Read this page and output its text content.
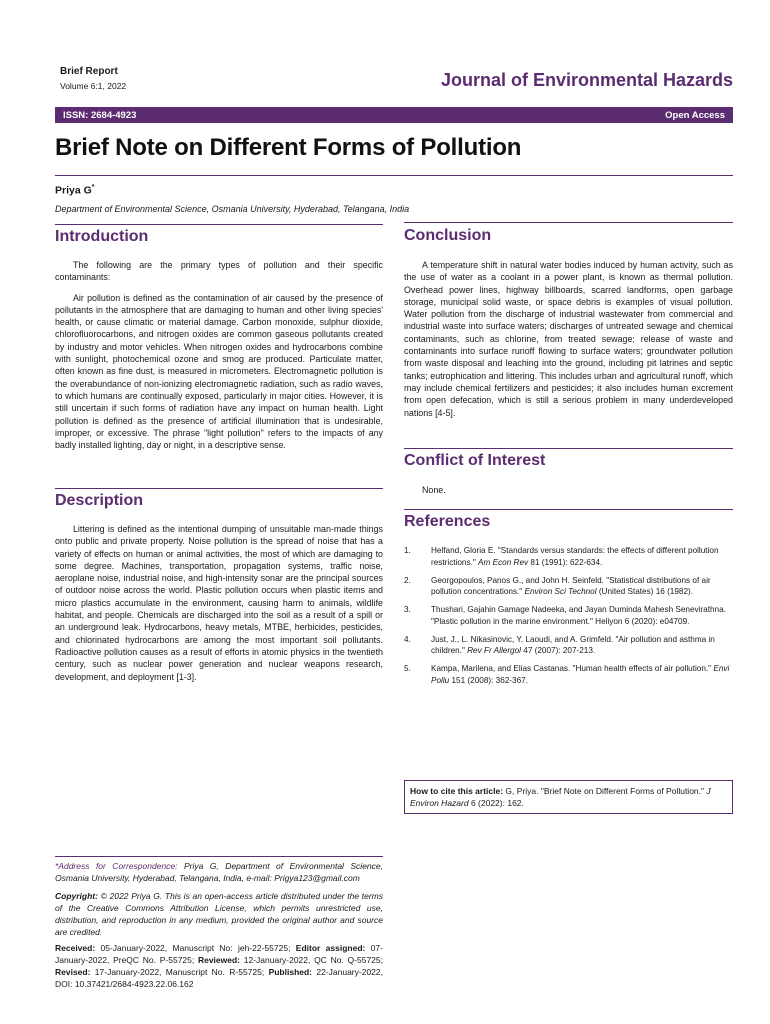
Brief Report
Volume 6:1, 2022	Journal of Environmental Hazards
ISSN: 2684-4923	Open Access
Brief Note on Different Forms of Pollution
Priya G*
Department of Environmental Science, Osmania University, Hyderabad, Telangana, India
Introduction

The following are the primary types of pollution and their specific contaminants:

Air pollution is defined as the contamination of air caused by the presence of pollutants in the atmosphere that are damaging to human and other living species' health, or cause climatic or material damage. Carbon monoxide, sulphur dioxide, chlorofluorocarbons, and nitrogen oxides are common gaseous pollutants created by industry and motor vehicles. When nitrogen oxides and hydrocarbons combine with sunlight, photochemical ozone and smog are produced. Particulate matter, often known as fine dust, is measured in micrometers. Electromagnetic pollution is the overabundance of non-ionizing electromagnetic radiation, such as radio waves, to which humans are continually exposed, particularly in major cities. However, it is still uncertain if such forms of radiation have any impact on human health. Light pollution is defined as the presence of artificial illumination that is undesirable, improper, or excessive. The phrase "light pollution" refers to the impacts of any badly installed lighting, day or night, in a descriptive sense.

Description

Littering is defined as the intentional dumping of unsuitable man-made things onto public and private property. Noise pollution is the spread of noise that has a variety of effects on human or animal activities, the most of which are damaging to some degree. Machines, transportation, propagation systems, traffic noise, aeroplane noise, industrial noise, and high-intensity sonar are the principal sources of outdoor noise across the world. Plastic pollution occurs when plastic items and micro plastics accumulate in the environment, causing harm to animals, wildlife habitat, and people. Chemicals are discharged into the soil as a result of a spill or an underground leak. Hydrocarbons, heavy metals, MTBE, herbicides, pesticides, and chlorinated hydrocarbons are among the most important soil pollutants. Radioactive pollution causes as a result of efforts in atomic physics in the twentieth century, such as nuclear power generation and nuclear weapons research, development, and deployment [1-3].

Conclusion

A temperature shift in natural water bodies induced by human activity, such as the use of water as a coolant in a power plant, is known as thermal pollution. Overhead power lines, highway billboards, scarred landforms, open garbage storage, municipal solid waste, or space debris is examples of visual pollution. Water pollution from the discharge of industrial wastewater from commercial and industrial waste into surface waters; discharges of untreated sewage and chemical contaminants, such as chlorine, from treated sewage; release of waste and contaminants into surface runoff flowing to surface waters; groundwater pollution from waste disposal and leaching into the ground, including pit latrines and septic tanks; eutrophication and littering. This includes urban and agricultural runoff, which may include chemical fertilizers and pesticides; it also includes human excrement from open defecation, which is still a serious problem in many underdeveloped nations [4-5].

Conflict of Interest

None.

References
1.	Helfand, Gloria E. "Standards versus standards: the effects of different pollution restrictions." Am Econ Rev 81 (1991): 622-634.
2.	Georgopoulos, Panos G., and John H. Seinfeld. "Statistical distributions of air pollution concentrations." Environ Sci Technol (United States) 16 (1982).
3.	Thushari, Gajahin Gamage Nadeeka, and Jayan Duminda Mahesh Senevirathna. "Plastic pollution in the marine environment." Heliyon 6 (2020): e04709.
4.	Just, J., L. Nikasinovic, Y. Laoudi, and A. Grimfeld. "Air pollution and asthma in children." Rev Fr Allergol 47 (2007): 207-213.
5.	Kampa, Marilena, and Elias Castanas. "Human health effects of air pollution." Envi Pollu 151 (2008): 362-367.
How to cite this article: G, Priya. "Brief Note on Different Forms of Pollution." J Environ Hazard 6 (2022): 162.
*Address for Correspondence: Priya G, Department of Environmental Science, Osmania University, Hyderabad, Telangana, India, e-mail: Prigya123@gmail.com
Copyright: © 2022 Priya G. This is an open-access article distributed under the terms of the Creative Commons Attribution License, which permits unrestricted use, distribution, and reproduction in any medium, provided the original author and source are credited.
Received: 05-January-2022, Manuscript No: jeh-22-55725; Editor assigned: 07-January-2022, PreQC No. P-55725; Reviewed: 12-January-2022, QC No. Q-55725; Revised: 17-January-2022, Manuscript No. R-55725; Published: 22-January-2022, DOI: 10.37421/2684-4923.22.06.162
